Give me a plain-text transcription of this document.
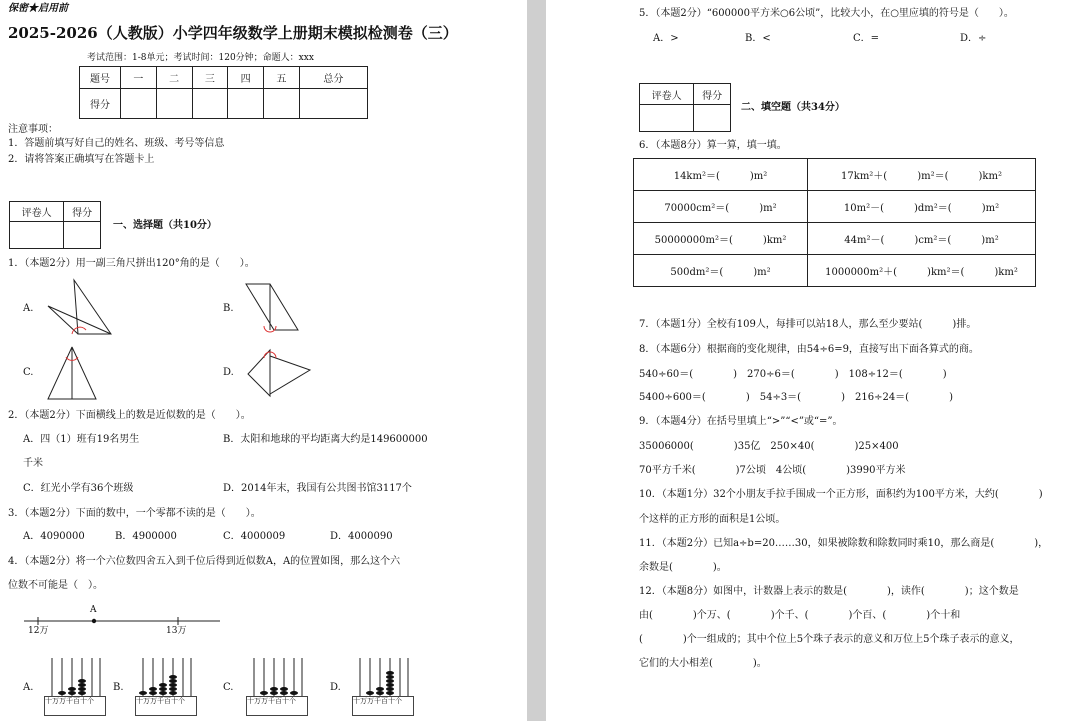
保密★启用前
2025-2026（人教版）小学四年级数学上册期末模拟检测卷（三）
考试范围：1-8单元；考试时间：120分钟；命题人：xxx
题号	一	二	三	四	五	总分
得分						
注意事项：
1．答题前填写好自己的姓名、班级、考号等信息
2．请将答案正确填写在答题卡上
评卷人	得分

一、选择题（共10分）
1．（本题2分）用一副三角尺拼出120°角的是（　　）。
A.	B.
C.	D.
2．（本题2分）下面横线上的数是近似数的是（　　）。
A．四（1）班有19名男生	B．太阳和地球的平均距离大约是149600000
千米
C．红光小学有36个班级	D．2014年末，我国有公共图书馆3117个
3．（本题2分）下面的数中，一个零都不读的是（　　）。
A．4090000	B．4900000	C．4000009	D．4000090
4．（本题2分）将一个六位数四舍五入到千位后得到近似数A，A的位置如图，那么这个六
位数不可能是（　）。
A
12万	13万
A.	B.	C.	D.
十万万千百十个	十万万千百十个	十万万千百十个	十万万千百十个
5．（本题2分）“600000平方米○6公顷”，比较大小，在○里应填的符号是（　　）。
A．>	B．<	C．=	D．÷
评卷人	得分

二、填空题（共34分）
6．（本题8分）算一算，填一填。
14km²＝(　　　)m²	17km²＋(　　　)m²＝(　　　)km²
70000cm²＝(　　　)m²	10m²－(　　　)dm²＝(　　　)m²
50000000m²＝(　　　)km²	44m²－(　　　)cm²＝(　　　)m²
500dm²＝(　　　)m²	1000000m²＋(　　　)km²＝(　　　)km²
7．（本题1分）全校有109人，每排可以站18人，那么至少要站(　　　)排。
8．（本题6分）根据商的变化规律，由54÷6=9，直接写出下面各算式的商。
540÷60＝(　　　　)　270÷6＝(　　　　)　108÷12＝(　　　　)
5400÷600＝(　　　　)　54÷3＝(　　　　)　216÷24＝(　　　　)
9．（本题4分）在括号里填上“>”“<”或“=”。
35006000(　　　　)35亿　250×40(　　　　)25×400
70平方千米(　　　　)7公顷　4公顷(　　　　)3990平方米
10．（本题1分）32个小朋友手拉手围成一个正方形，面积约为100平方米，大约(　　　　)
个这样的正方形的面积是1公顷。
11．（本题2分）已知a÷b=20……30，如果被除数和除数同时乘10，那么商是(　　　　)，
余数是(　　　　)。
12．（本题8分）如图中，计数器上表示的数是(　　　　)，读作(　　　　)；这个数是
由(　　　　)个万、(　　　　)个千、(　　　　)个百、(　　　　)个十和
(　　　　)个一组成的；其中个位上5个珠子表示的意义和万位上5个珠子表示的意义，
它们的大小相差(　　　　)。
